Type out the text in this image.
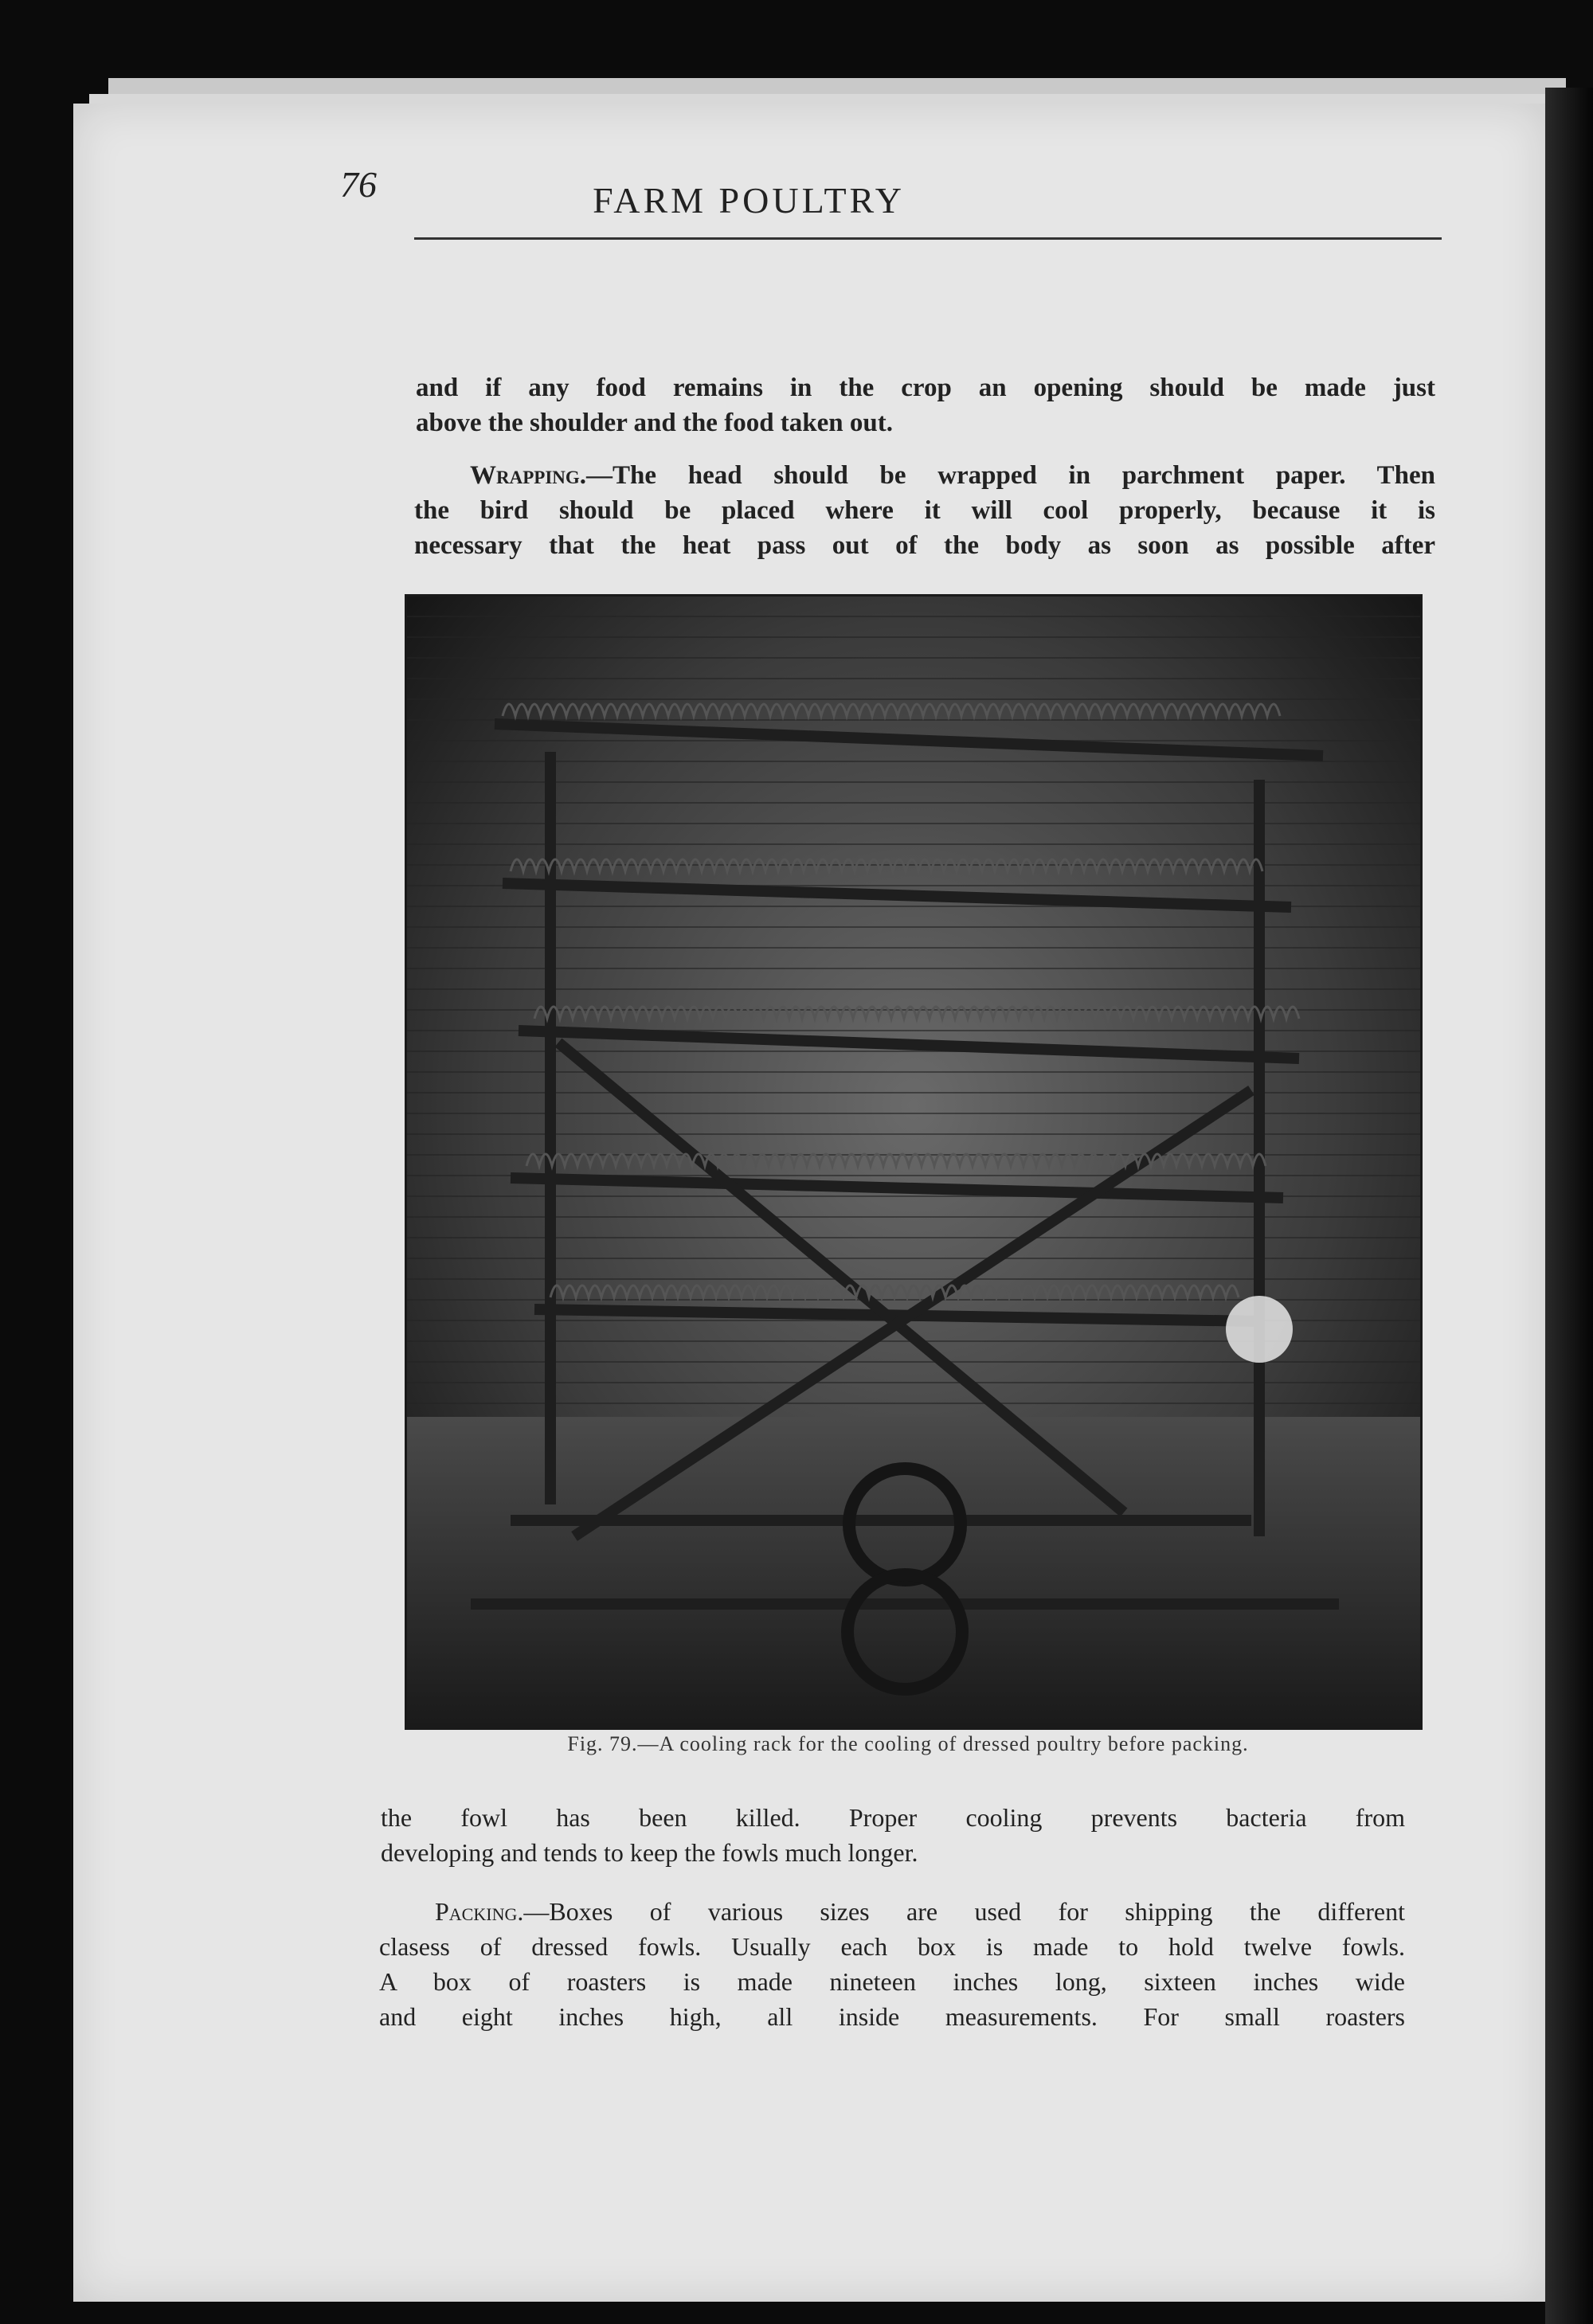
76	FARM POULTRY
and if any food remains in the crop an opening should be made just
above the shoulder and the food taken out.
Wrapping.—The head should be wrapped in parchment paper. Then
the bird should be placed where it will cool properly, because it is
necessary that the heat pass out of the body as soon as possible after
Fig. 79.—A cooling rack for the cooling of dressed poultry before packing.
the fowl has been killed. Proper cooling prevents bacteria from
developing and tends to keep the fowls much longer.
Packing.—Boxes of various sizes are used for shipping the different
clasess of dressed fowls. Usually each box is made to hold twelve fowls.
A box of roasters is made nineteen inches long, sixteen inches wide
and eight inches high, all inside measurements. For small roasters
